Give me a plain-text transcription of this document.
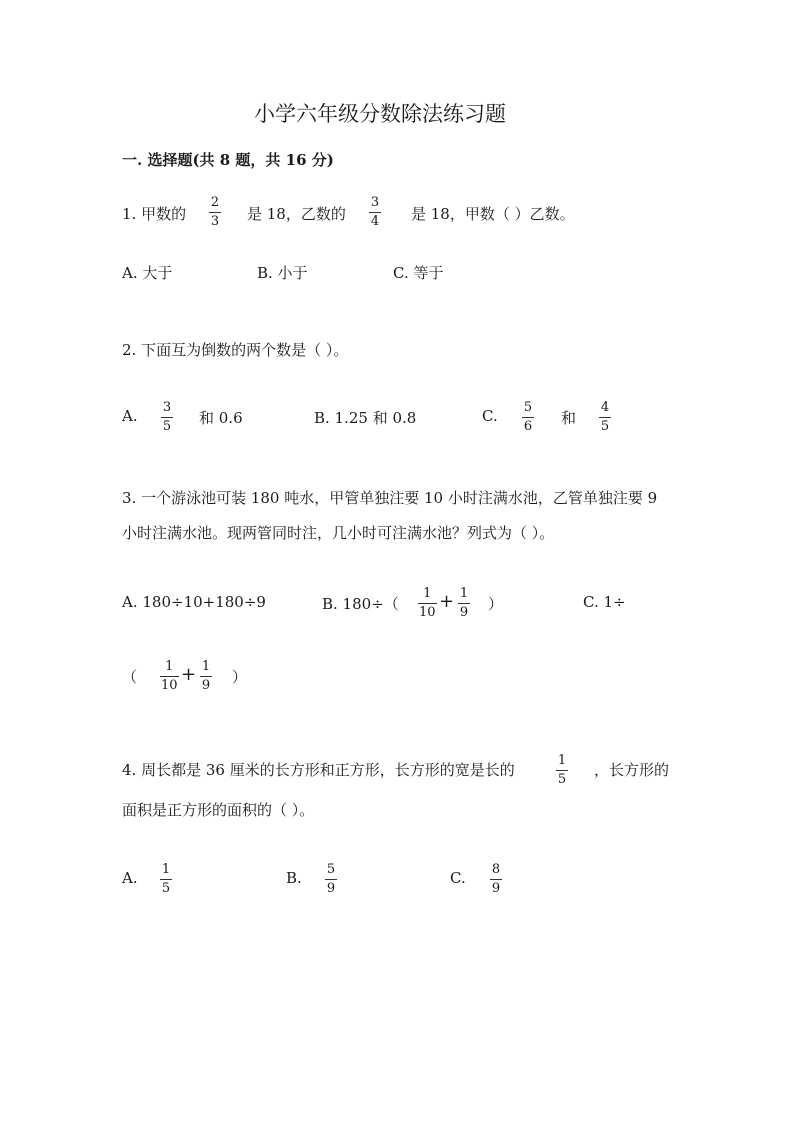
小学六年级分数除法练习题
一. 选择题(共 8 题，共 16 分)
1. 甲数的
2
3 是 18，乙数的
3
4 是 18，甲数（ ）乙数。
A. 大于	B. 小于	C. 等于
2. 下面互为倒数的两个数是（ ）。
A. 3
5 和 0.6	B. 1.25 和 0.8	C. 5
6 和
4
5
3. 一个游泳池可装 180 吨水，甲管单独注要 10 小时注满水池，乙管单独注要 9
小时注满水池。现两管同时注，几小时可注满水池？列式为（ ）。
A. 180÷10+180÷9	B. 180÷（
1
10
+ 1
9 ）	C. 1÷
（
1
10
+ 1
9 ）
4. 周长都是 36 厘米的长方形和正方形，长方形的宽是长的
1
5
，长方形的
面积是正方形的面积的（ ）。
A. 1
5
B. 5
9
C. 8
9
